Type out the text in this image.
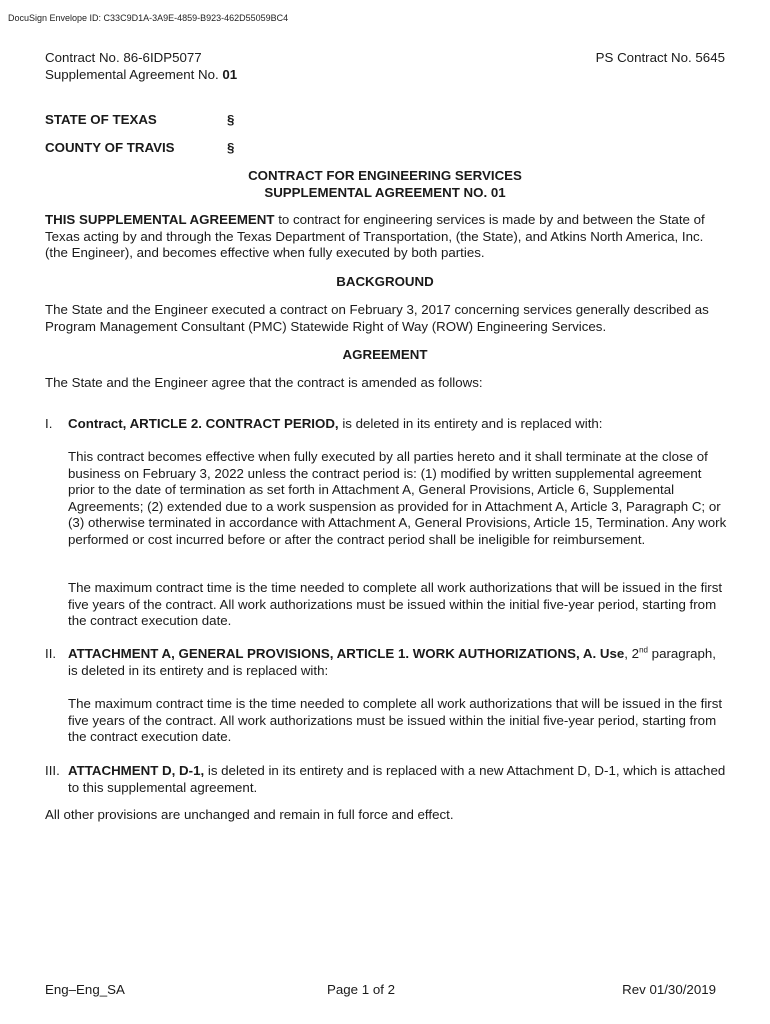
DocuSign Envelope ID: C33C9D1A-3A9E-4859-B923-462D55059BC4
Contract No. 86-6IDP5077
Supplemental Agreement No. 01
PS Contract No. 5645
STATE OF TEXAS	§
COUNTY OF TRAVIS	§
CONTRACT FOR ENGINEERING SERVICES
SUPPLEMENTAL AGREEMENT NO. 01
THIS SUPPLEMENTAL AGREEMENT to contract for engineering services is made by and between the State of Texas acting by and through the Texas Department of Transportation, (the State), and Atkins North America, Inc. (the Engineer), and becomes effective when fully executed by both parties.
BACKGROUND
The State and the Engineer executed a contract on February 3, 2017 concerning services generally described as Program Management Consultant (PMC) Statewide Right of Way (ROW) Engineering Services.
AGREEMENT
The State and the Engineer agree that the contract is amended as follows:
I. Contract, ARTICLE 2. CONTRACT PERIOD, is deleted in its entirety and is replaced with:
This contract becomes effective when fully executed by all parties hereto and it shall terminate at the close of business on February 3, 2022 unless the contract period is: (1) modified by written supplemental agreement prior to the date of termination as set forth in Attachment A, General Provisions, Article 6, Supplemental Agreements; (2) extended due to a work suspension as provided for in Attachment A, Article 3, Paragraph C; or (3) otherwise terminated in accordance with Attachment A, General Provisions, Article 15, Termination. Any work performed or cost incurred before or after the contract period shall be ineligible for reimbursement.
The maximum contract time is the time needed to complete all work authorizations that will be issued in the first five years of the contract. All work authorizations must be issued within the initial five-year period, starting from the contract execution date.
II. ATTACHMENT A, GENERAL PROVISIONS, ARTICLE 1. WORK AUTHORIZATIONS, A. Use, 2nd paragraph, is deleted in its entirety and is replaced with:
The maximum contract time is the time needed to complete all work authorizations that will be issued in the first five years of the contract. All work authorizations must be issued within the initial five-year period, starting from the contract execution date.
III. ATTACHMENT D, D-1, is deleted in its entirety and is replaced with a new Attachment D, D-1, which is attached to this supplemental agreement.
All other provisions are unchanged and remain in full force and effect.
Eng–Eng_SA	Page 1 of 2	Rev 01/30/2019
